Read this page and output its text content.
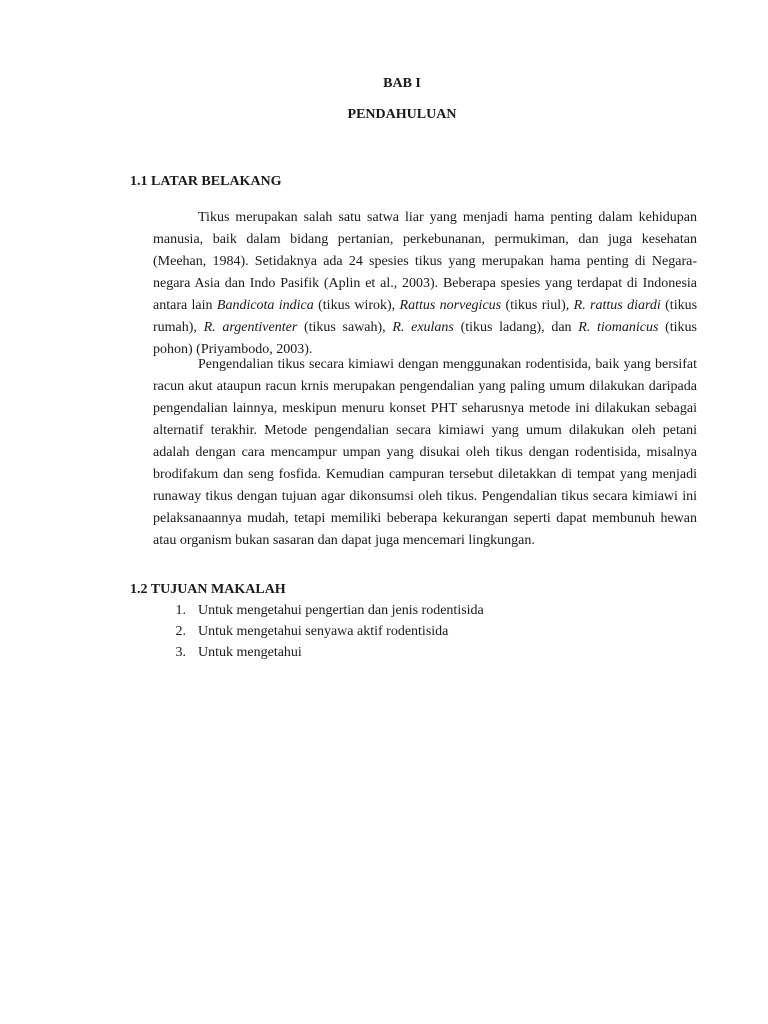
BAB I
PENDAHULUAN
1.1 LATAR BELAKANG

Tikus merupakan salah satu satwa liar yang menjadi hama penting dalam kehidupan manusia, baik dalam bidang pertanian, perkebunanan, permukiman, dan juga kesehatan (Meehan, 1984). Setidaknya ada 24 spesies tikus yang merupakan hama penting di Negara-negara Asia dan Indo Pasifik (Aplin et al., 2003). Beberapa spesies yang terdapat di Indonesia antara lain Bandicota indica (tikus wirok), Rattus norvegicus (tikus riul), R. rattus diardi (tikus rumah), R. argentiventer (tikus sawah), R. exulans (tikus ladang), dan R. tiomanicus (tikus pohon) (Priyambodo, 2003).

Pengendalian tikus secara kimiawi dengan menggunakan rodentisida, baik yang bersifat racun akut ataupun racun krnis merupakan pengendalian yang paling umum dilakukan daripada pengendalian lainnya, meskipun menuru konset PHT seharusnya metode ini dilakukan sebagai alternatif terakhir. Metode pengendalian secara kimiawi yang umum dilakukan oleh petani adalah dengan cara mencampur umpan yang disukai oleh tikus dengan rodentisida, misalnya brodifakum dan seng fosfida. Kemudian campuran tersebut diletakkan di tempat yang menjadi runaway tikus dengan tujuan agar dikonsumsi oleh tikus. Pengendalian tikus secara kimiawi ini pelaksanaannya mudah, tetapi memiliki beberapa kekurangan seperti dapat membunuh hewan atau organism bukan sasaran dan dapat juga mencemari lingkungan.

1.2 TUJUAN MAKALAH
1. Untuk mengetahui pengertian dan jenis rodentisida
2. Untuk mengetahui senyawa aktif rodentisida
3. Untuk mengetahui
